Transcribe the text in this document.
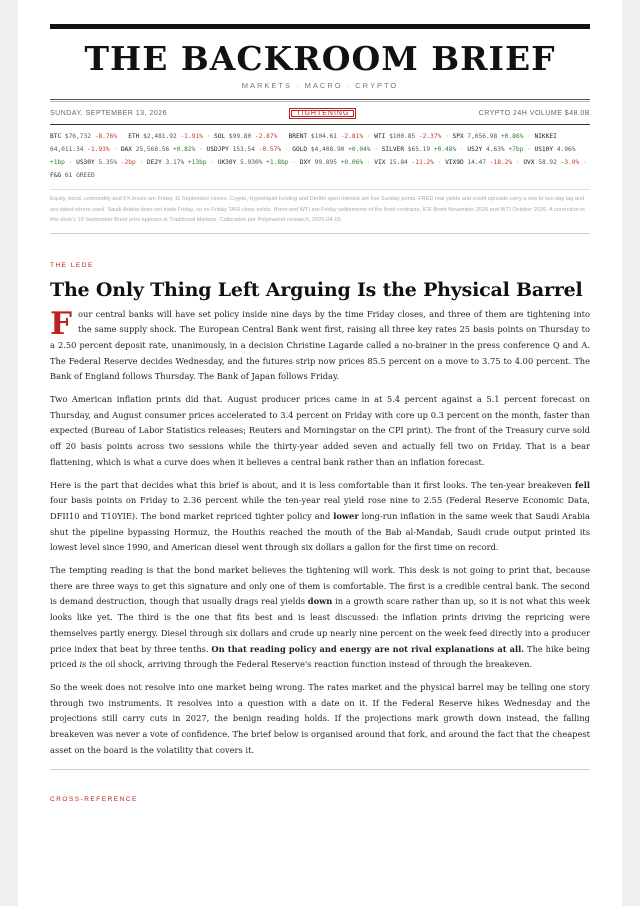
THE BACKROOM BRIEF
MARKETS · MACRO · CRYPTO
SUNDAY, SEPTEMBER 13, 2026	TIGHTENING	CRYPTO 24H VOLUME $48.0B
BTC $76,732 -8.76% · ETH $2,481.92 -1.91% · SOL $99.80 -2.87% · BRENT $104.61 -2.81% · WTI $100.85 -2.37% · SPX 7,656.98 +0.86% · NIKKEI 64,011.34 -1.93% · DAX 25,568.56 +0.82% · USDJPY 153.54 -0.57% · GOLD $4,408.90 +0.04% · SILVER $65.19 +0.48% · US2Y 4.63% +7bp · US10Y 4.96% +1bp · US30Y 5.35% -2bp · DE2Y 3.17% +13bp · UK30Y 5.930% +1.8bp · DXY 99.895 +0.06% · VIX 15.84 -11.2% · VIX9D 14.47 -18.2% · OVX 58.92 -3.0% · F&G 61 GREED
Equity, bond, commodity and FX levels are Friday 11 September closes. Crypto, Hyperliquid funding and Deribit open interest are live Sunday prints. FRED real yields and credit spreads carry a one to two day lag and are dated where used. Saudi Arabia does not trade Friday, so no Friday TASI close exists. Brent and WTI are Friday settlements of the front contracts, ICE Brent November 2026 and WTI October 2026. A correction to this desk's 10 September Brent print appears in Traditional Markets. Calibration per Polymarket research, 2026-04-15.
THE LEDE
The Only Thing Left Arguing Is the Physical Barrel

Four central banks will have set policy inside nine days by the time Friday closes, and three of them are tightening into the same supply shock. The European Central Bank went first, raising all three key rates 25 basis points on Thursday to a 2.50 percent deposit rate, unanimously, in a decision Christine Lagarde called a no-brainer in the press conference Q and A. The Federal Reserve decides Wednesday, and the futures strip now prices 85.5 percent on a move to 3.75 to 4.00 percent. The Bank of England follows Thursday. The Bank of Japan follows Friday.

Two American inflation prints did that. August producer prices came in at 5.4 percent against a 5.1 percent forecast on Thursday, and August consumer prices accelerated to 3.4 percent on Friday with core up 0.3 percent on the month, faster than expected (Bureau of Labor Statistics releases; Reuters and Morningstar on the CPI print). The front of the Treasury curve sold off 20 basis points across two sessions while the thirty-year added seven and actually fell two on Friday. That is a bear flattening, which is what a curve does when it believes a central bank rather than an inflation forecast.

Here is the part that decides what this brief is about, and it is less comfortable than it first looks. The ten-year breakeven fell four basis points on Friday to 2.36 percent while the ten-year real yield rose nine to 2.55 (Federal Reserve Economic Data, DFII10 and T10YIE). The bond market repriced tighter policy and lower long-run inflation in the same week that Saudi Arabia shut the pipeline bypassing Hormuz, the Houthis reached the mouth of the Bab al-Mandab, Saudi crude output printed its lowest level since 1990, and American diesel went through six dollars a gallon for the first time on record.

The tempting reading is that the bond market believes the tightening will work. This desk is not going to print that, because there are three ways to get this signature and only one of them is comfortable. The first is a credible central bank. The second is demand destruction, though that usually drags real yields down in a growth scare rather than up, so it is not what this week looks like yet. The third is the one that fits best and is least discussed: the inflation prints driving the repricing were themselves partly energy. Diesel through six dollars and crude up nearly nine percent on the week feed directly into a producer price index that beat by three tenths. On that reading policy and energy are not rival explanations at all. The hike being priced is the oil shock, arriving through the Federal Reserve's reaction function instead of through the breakeven.

So the week does not resolve into one market being wrong. The rates market and the physical barrel may be telling one story through two instruments. It resolves into a question with a date on it. If the Federal Reserve hikes Wednesday and the projections still carry cuts in 2027, the benign reading holds. If the projections mark growth down instead, the falling breakeven was never a vote of confidence. The brief below is organised around that fork, and around the fact that the cheapest asset on the board is the volatility that covers it.

CROSS-REFERENCE
